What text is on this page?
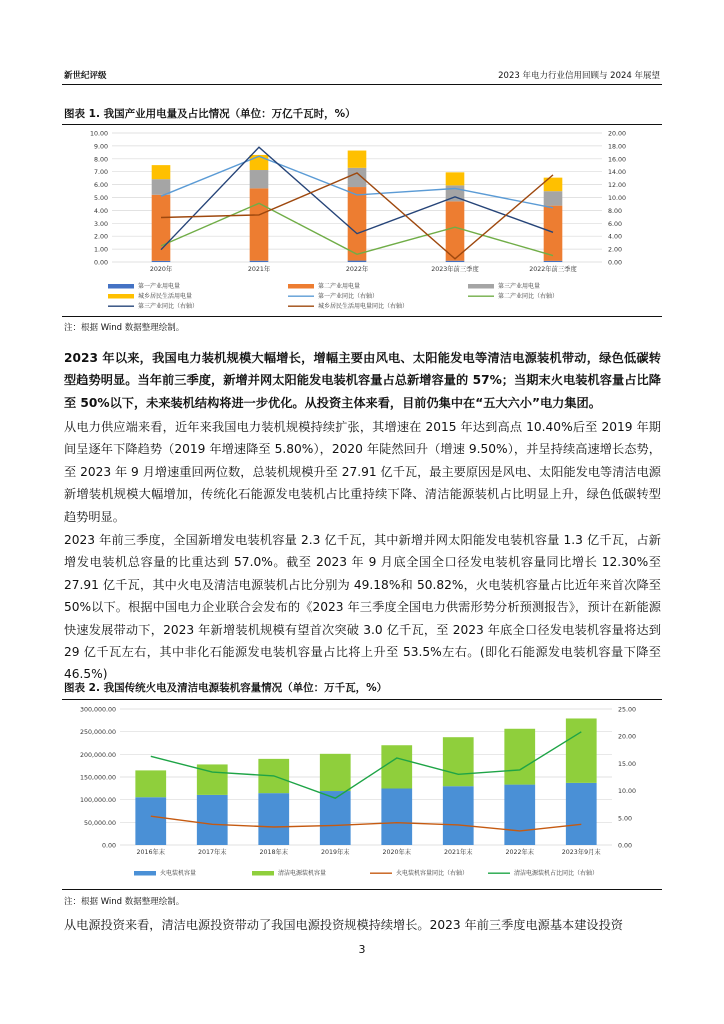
新世纪评级	2023 年电力行业信用回顾与 2024 年展望
图表 1. 我国产业用电量及占比情况（单位：万亿千瓦时，%）
0.00
1.00
2.00
3.00
4.00
5.00
6.00
7.00
8.00
9.00
10.00
0.00
2.00
4.00
6.00
8.00
10.00
12.00
14.00
16.00
18.00
20.00
2020年	2021年	2022年	2023年前三季度	2022年前三季度
第一产业用电量	第二产业用电量	第三产业用电量
城乡居民生活用电量	第一产业同比（右轴）	第二产业同比（右轴）
第三产业同比（右轴）	城乡居民生活用电量同比（右轴）
注：根据 Wind 数据整理绘制。

2023 年以来，我国电力装机规模大幅增长，增幅主要由风电、太阳能发电等清洁电源装机带动，绿色低碳转型趋势明显。当年前三季度，新增并网太阳能发电装机容量占总新增容量的 57%；当期末火电装机容量占比降至 50%以下，未来装机结构将进一步优化。从投资主体来看，目前仍集中在“五大六小”电力集团。

从电力供应端来看，近年来我国电力装机规模持续扩张，其增速在 2015 年达到高点 10.40%后至 2019 年期间呈逐年下降趋势（2019 年增速降至 5.80%），2020 年陡然回升（增速 9.50%），并呈持续高速增长态势，至 2023 年 9 月增速重回两位数，总装机规模升至 27.91 亿千瓦，最主要原因是风电、太阳能发电等清洁电源新增装机规模大幅增加，传统化石能源发电装机占比重持续下降、清洁能源装机占比明显上升，绿色低碳转型趋势明显。

2023 年前三季度，全国新增发电装机容量 2.3 亿千瓦，其中新增并网太阳能发电装机容量 1.3 亿千瓦，占新增发电装机总容量的比重达到 57.0%。截至 2023 年 9 月底全国全口径发电装机容量同比增长 12.30%至 27.91 亿千瓦，其中火电及清洁电源装机占比分别为 49.18%和 50.82%，火电装机容量占比近年来首次降至 50%以下。根据中国电力企业联合会发布的《2023 年三季度全国电力供需形势分析预测报告》，预计在新能源快速发展带动下，2023 年新增装机规模有望首次突破 3.0 亿千瓦，至 2023 年底全口径发电装机容量将达到 29 亿千瓦左右，其中非化石能源发电装机容量占比将上升至 53.5%左右。(即化石能源发电装机容量下降至 46.5%)

图表 2. 我国传统火电及清洁电源装机容量情况（单位：万千瓦，%）
0.00
50,000.00
100,000.00
150,000.00
200,000.00
250,000.00
300,000.00
0.00
5.00
10.00
15.00
20.00
25.00
2016年末	2017年末	2018年末	2019年末	2020年末	2021年末	2022年末	2023年9月末
火电装机容量	清洁电源装机容量	火电装机容量同比（右轴）	清洁电源装机占比同比（右轴）
注：根据 Wind 数据整理绘制。

从电源投资来看，清洁电源投资带动了我国电源投资规模持续增长。2023 年前三季度电源基本建设投资

3
